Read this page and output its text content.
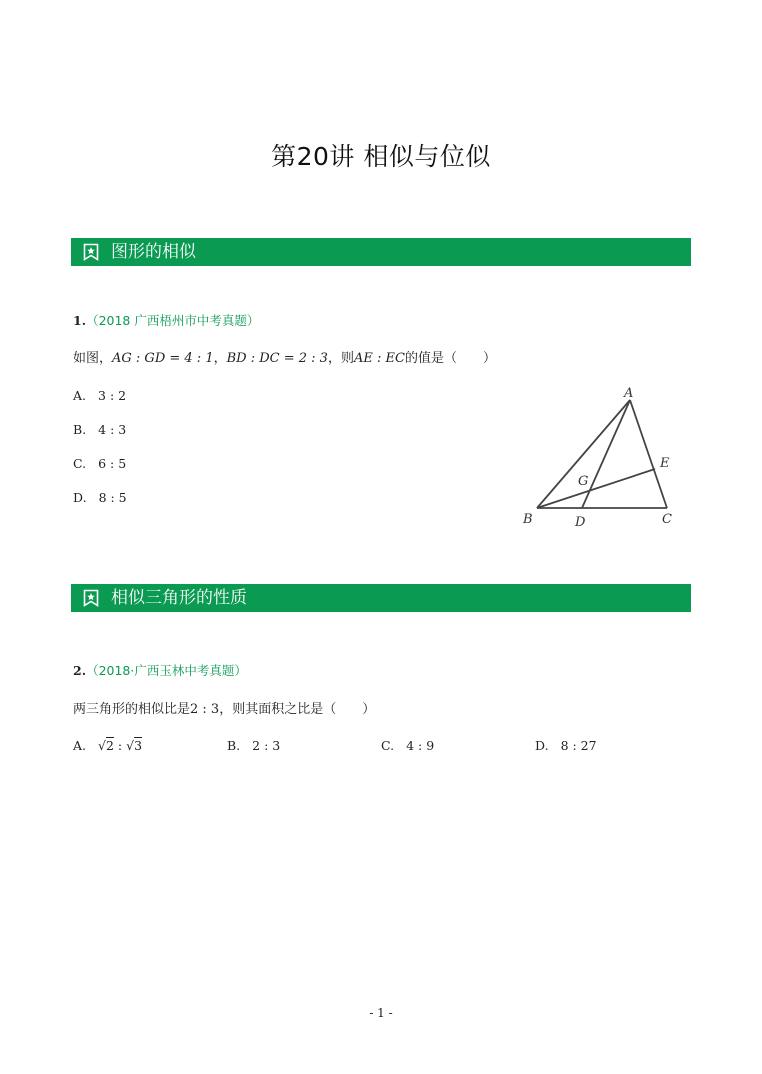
第20讲 相似与位似
图形的相似
1.（2018 广西梧州市中考真题）
如图，AG : GD = 4 : 1，BD : DC = 2 : 3，则AE : EC的值是（　　）
A. 3 : 2
B. 4 : 3
C. 6 : 5
D. 8 : 5
A
B	C
D
E
G
相似三角形的性质
2.（2018·广西玉林中考真题）
两三角形的相似比是2 : 3，则其面积之比是（　　）
A. √2 : √3	B. 2 : 3	C. 4 : 9	D. 8 : 27
- 1 -
